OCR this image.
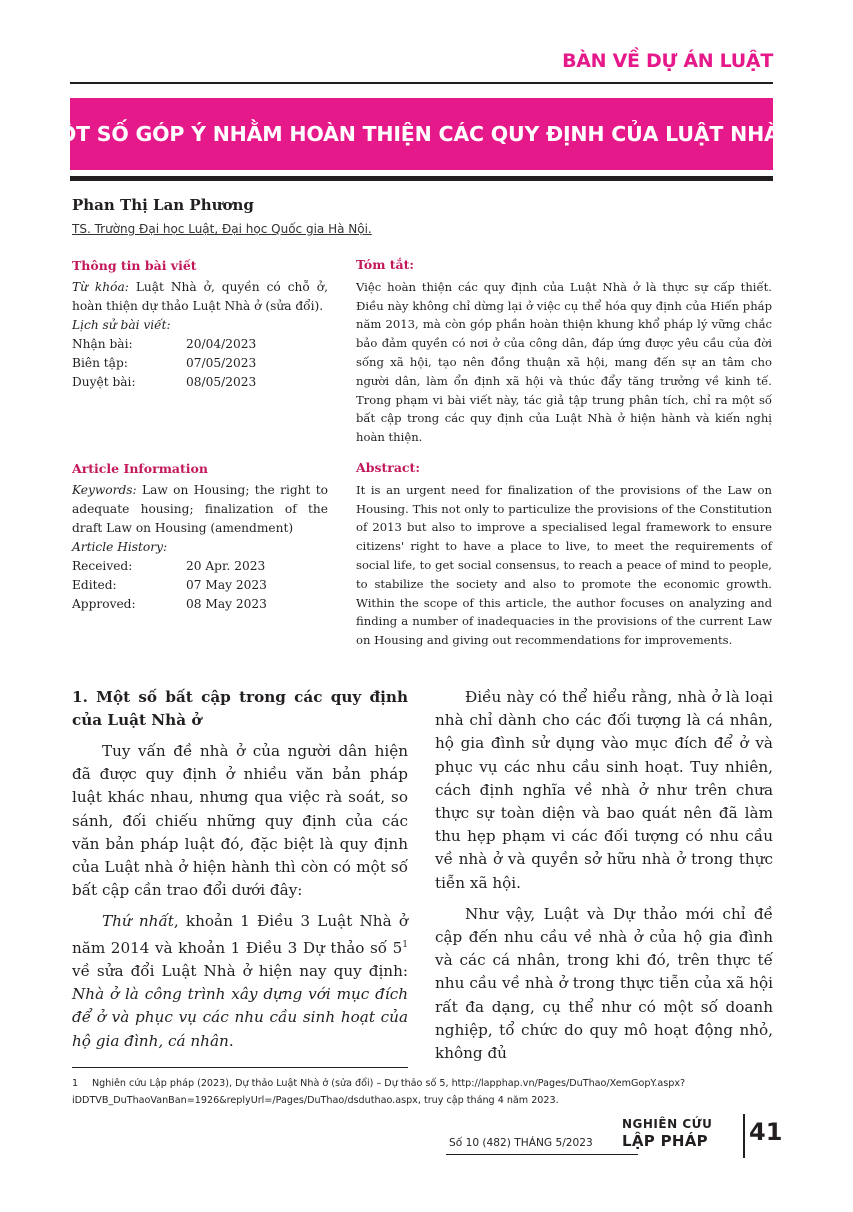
BÀN VỀ DỰ ÁN LUẬT
MỘT SỐ GÓP Ý NHẰM HOÀN THIỆN CÁC QUY ĐỊNH CỦA LUẬT NHÀ Ở
Phan Thị Lan Phương
TS. Trường Đại học Luật, Đại học Quốc gia Hà Nội.
Thông tin bài viết
Từ khóa: Luật Nhà ở, quyền có chỗ ở, hoàn thiện dự thảo Luật Nhà ở (sửa đổi).
Lịch sử bài viết:
Nhận bài:	20/04/2023
Biên tập:	07/05/2023
Duyệt bài:	08/05/2023
Tóm tắt:
Việc hoàn thiện các quy định của Luật Nhà ở là thực sự cấp thiết. Điều này không chỉ dừng lại ở việc cụ thể hóa quy định của Hiến pháp năm 2013, mà còn góp phần hoàn thiện khung khổ pháp lý vững chắc bảo đảm quyền có nơi ở của công dân, đáp ứng được yêu cầu của đời sống xã hội, tạo nên đồng thuận xã hội, mang đến sự an tâm cho người dân, làm ổn định xã hội và thúc đẩy tăng trưởng về kinh tế. Trong phạm vi bài viết này, tác giả tập trung phân tích, chỉ ra một số bất cập trong các quy định của Luật Nhà ở hiện hành và kiến nghị hoàn thiện.
Article Information
Keywords: Law on Housing; the right to adequate housing; finalization of the draft Law on Housing (amendment)
Article History:
Received:	20 Apr. 2023
Edited:	07 May 2023
Approved:	08 May 2023
Abstract:
It is an urgent need for finalization of the provisions of the Law on Housing. This not only to particulize the provisions of the Constitution of 2013 but also to improve a specialised legal framework to ensure citizens' right to have a place to live, to meet the requirements of social life, to get social consensus, to reach a peace of mind to people, to stabilize the society and also to promote the economic growth. Within the scope of this article, the author focuses on analyzing and finding a number of inadequacies in the provisions of the current Law on Housing and giving out recommendations for improvements.
1. Một số bất cập trong các quy định của Luật Nhà ở

Tuy vấn đề nhà ở của người dân hiện đã được quy định ở nhiều văn bản pháp luật khác nhau, nhưng qua việc rà soát, so sánh, đối chiếu những quy định của các văn bản pháp luật đó, đặc biệt là quy định của Luật nhà ở hiện hành thì còn có một số bất cập cần trao đổi dưới đây:

Thứ nhất, khoản 1 Điều 3 Luật Nhà ở năm 2014 và khoản 1 Điều 3 Dự thảo số $5^1$ về sửa đổi Luật Nhà ở hiện nay quy định: Nhà ở là công trình xây dựng với mục đích để ở và phục vụ các nhu cầu sinh hoạt của hộ gia đình, cá nhân.

Điều này có thể hiểu rằng, nhà ở là loại nhà chỉ dành cho các đối tượng là cá nhân, hộ gia đình sử dụng vào mục đích để ở và phục vụ các nhu cầu sinh hoạt. Tuy nhiên, cách định nghĩa về nhà ở như trên chưa thực sự toàn diện và bao quát nên đã làm thu hẹp phạm vi các đối tượng có nhu cầu về nhà ở và quyền sở hữu nhà ở trong thực tiễn xã hội.

Như vậy, Luật và Dự thảo mới chỉ đề cập đến nhu cầu về nhà ở của hộ gia đình và các cá nhân, trong khi đó, trên thực tế nhu cầu về nhà ở trong thực tiễn của xã hội rất đa dạng, cụ thể như có một số doanh nghiệp, tổ chức do quy mô hoạt động nhỏ, không đủ

1 Nghiên cứu Lập pháp (2023), Dự thảo Luật Nhà ở (sửa đổi) – Dự thảo số 5, http://lapphap.vn/Pages/DuThao/XemGopY.aspx?iDDTVB_DuThaoVanBan=1926&replyUrl=/Pages/DuThao/dsduthao.aspx, truy cập tháng 4 năm 2023.
Số 10 (482) THÁNG 5/2023
NGHIÊN CỨU
LẬP PHÁP 41
